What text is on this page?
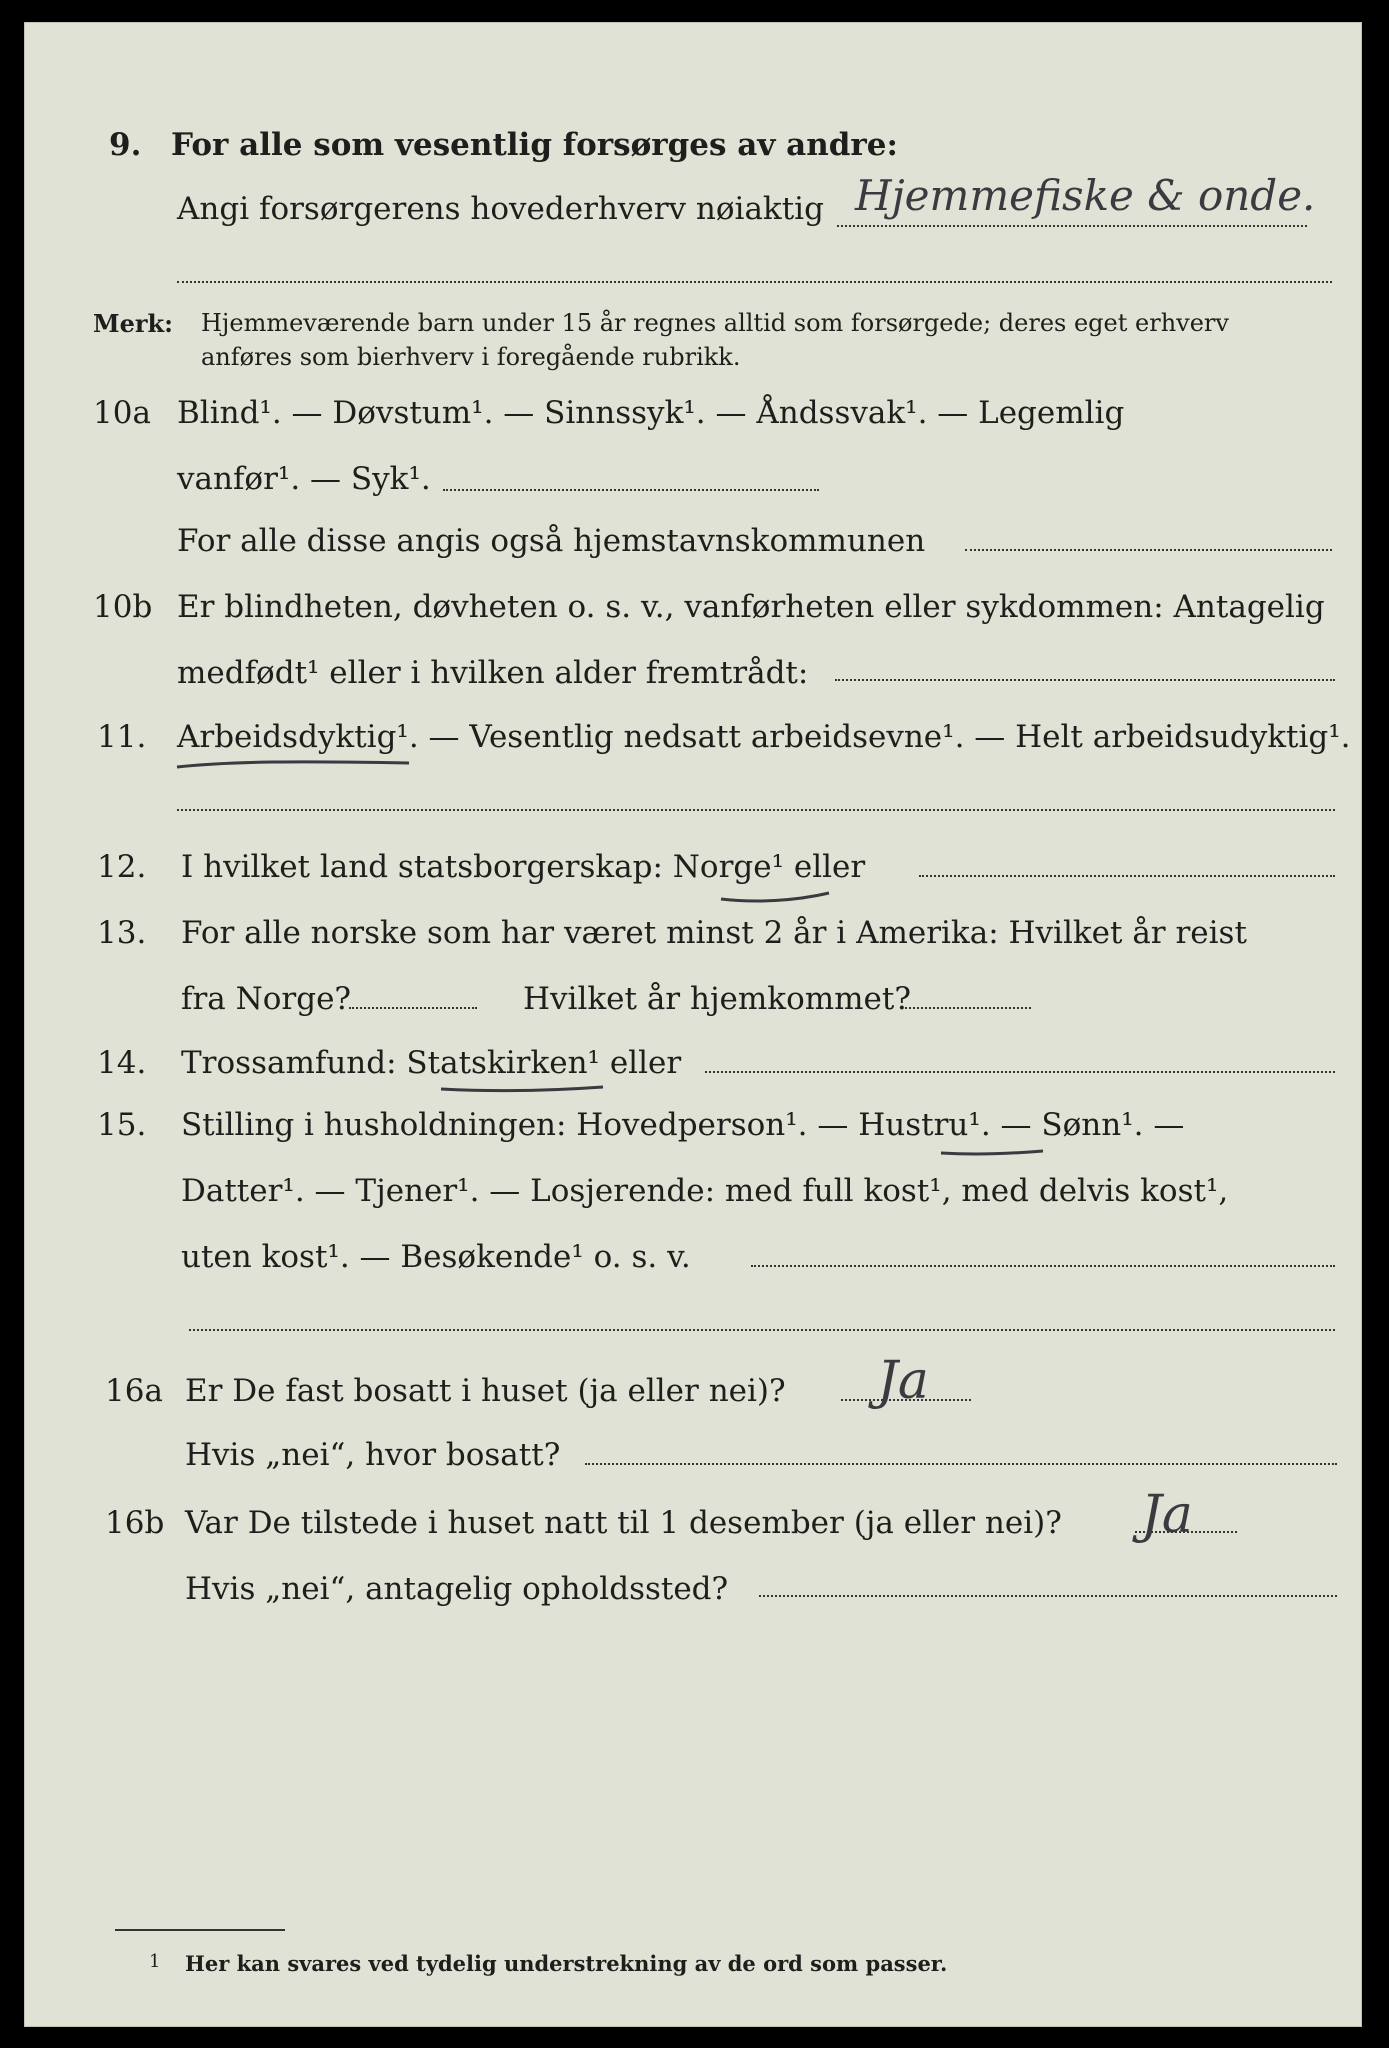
9. For alle som vesentlig forsørges av andre:
Angi forsørgerens hovederhverv nøiaktig Hjemmefiske & onde.
Merk: Hjemmeværende barn under 15 år regnes alltid som forsørgede; deres eget erhverv
anføres som bierhverv i foregående rubrikk.
10a Blind¹. — Døvstum¹. — Sinnssyk¹. — Åndssvak¹. — Legemlig
vanfør¹. — Syk¹.
For alle disse angis også hjemstavnskommunen
10b Er blindheten, døvheten o. s. v., vanførheten eller sykdommen: Antagelig
medfødt¹ eller i hvilken alder fremtrådt:
11. Arbeidsdyktig¹. — Vesentlig nedsatt arbeidsevne¹. — Helt arbeidsudyktig¹.
12. I hvilket land statsborgerskap: Norge¹ eller
13. For alle norske som har været minst 2 år i Amerika: Hvilket år reist
fra Norge?	Hvilket år hjemkommet?
14. Trossamfund: Statskirken¹ eller
15. Stilling i husholdningen: Hovedperson¹. — Hustru¹. — Sønn¹. —
Datter¹. — Tjener¹. — Losjerende: med full kost¹, med delvis kost¹,
uten kost¹. — Besøkende¹ o. s. v.
16a Er De fast bosatt i huset (ja eller nei)? Ja
Hvis „nei“, hvor bosatt?
16b Var De tilstede i huset natt til 1 desember (ja eller nei)? Ja
Hvis „nei“, antagelig opholdssted?
1 Her kan svares ved tydelig understrekning av de ord som passer.
